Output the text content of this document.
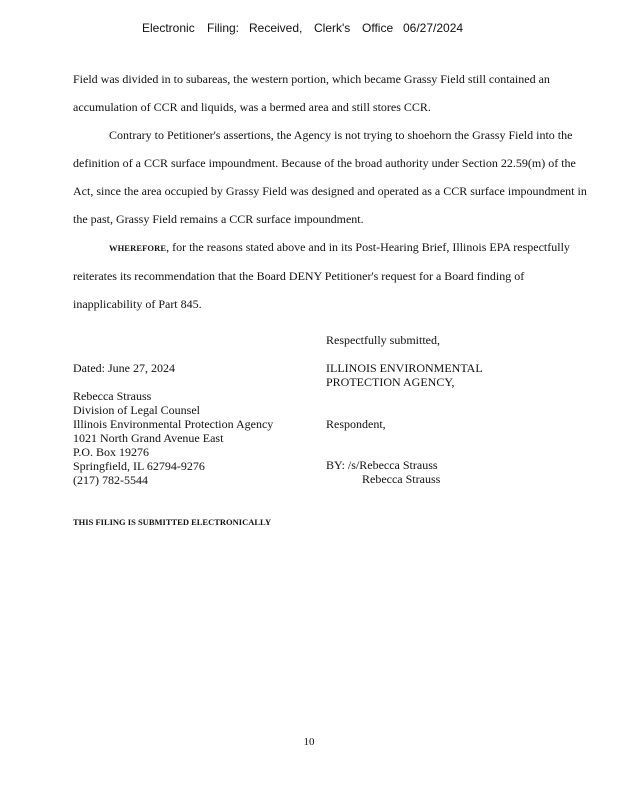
Electronic Filing: Received, Clerk's Office 06/27/2024

Field was divided in to subareas, the western portion, which became Grassy Field still contained an accumulation of CCR and liquids, was a bermed area and still stores CCR.

Contrary to Petitioner's assertions, the Agency is not trying to shoehorn the Grassy Field into the definition of a CCR surface impoundment. Because of the broad authority under Section 22.59(m) of the Act, since the area occupied by Grassy Field was designed and operated as a CCR surface impoundment in the past, Grassy Field remains a CCR surface impoundment.

WHEREFORE, for the reasons stated above and in its Post-Hearing Brief, Illinois EPA respectfully reiterates its recommendation that the Board DENY Petitioner's request for a Board finding of inapplicability of Part 845.

Respectfully submitted,
Dated: June 27, 2024	ILLINOIS ENVIRONMENTAL
PROTECTION AGENCY,
Rebecca Strauss
Division of Legal Counsel
Illinois Environmental Protection Agency
1021 North Grand Avenue East
P.O. Box 19276
Springfield, IL 62794-9276
(217) 782-5544
Respondent,
BY: /s/Rebecca Strauss
Rebecca Strauss
THIS FILING IS SUBMITTED ELECTRONICALLY
10
